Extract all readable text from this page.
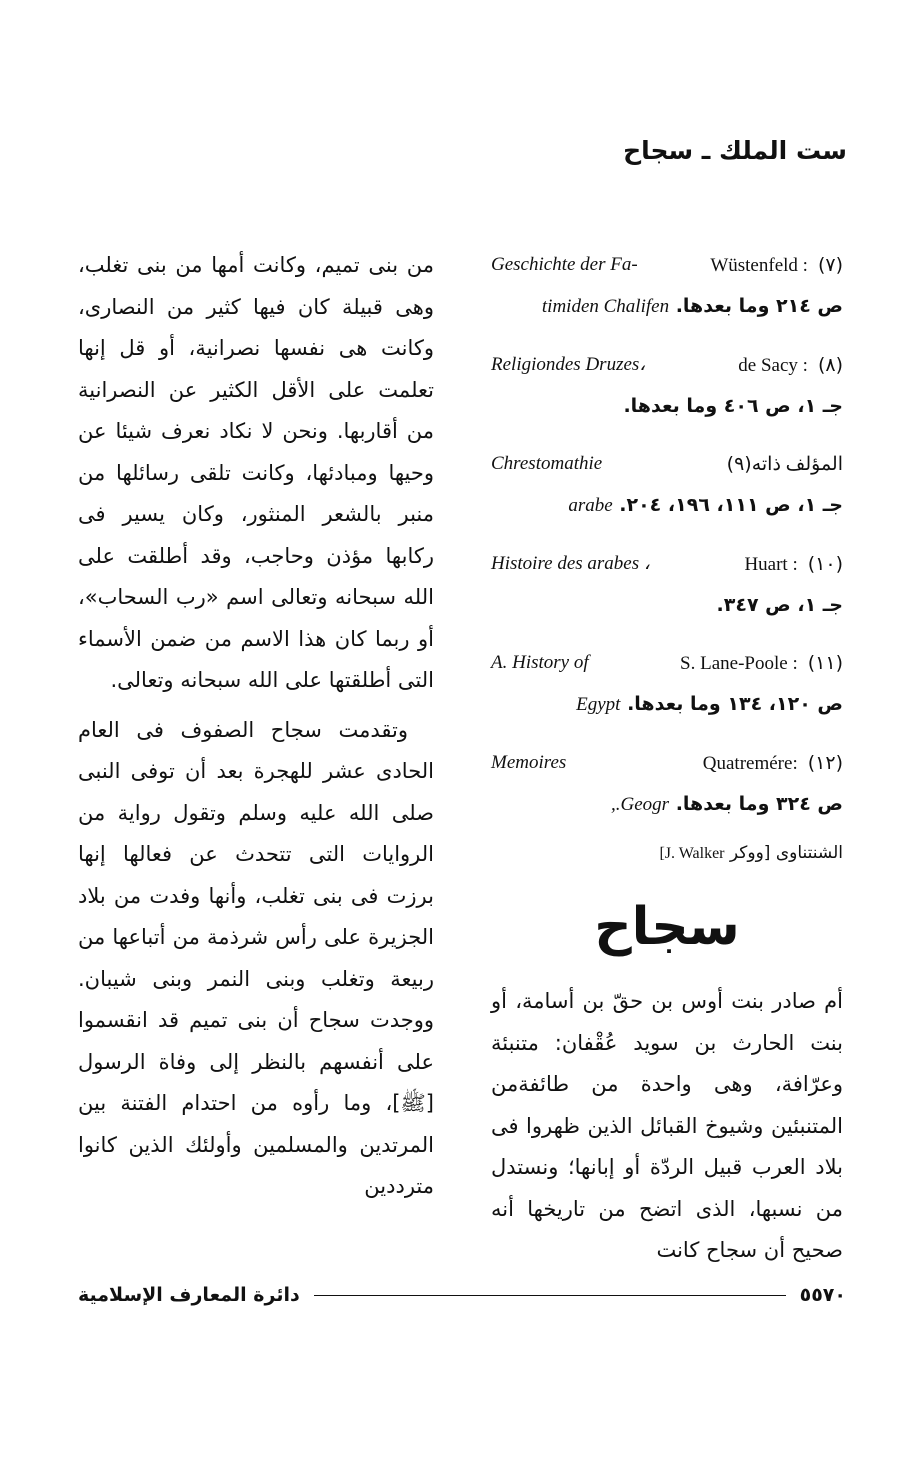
ست الملك ـ سجاح
Geschichte der Fa-	Wüstenfeld : (٧)
ص ٢١٤ وما بعدها. timiden Chalifen
Religiondes Druzes،	de Sacy : (٨)
جـ ١، ص ٤٠٦ وما بعدها.
Chrestomathie	المؤلف ذاته(٩)
جـ ١، ص ١١١، ١٩٦، ٢٠٤. arabe
Histoire des arabes ،	Huart : (١٠)
جـ ١، ص ٣٤٧.
A. History of	S. Lane-Poole : (١١)
ص ١٢٠، ١٣٤ وما بعدها. Egypt
Memoires	Quatremére: (١٢)
ص ٣٢٤ وما بعدها. Geogr.,
الشنتناوى [ووكر J. Walker]
سجاح

أم صادر بنت أوس بن حقّ بن أسامة، أو بنت الحارث بن سويد عُقْفان: متنبئة وعرّافة، وهى واحدة من طائفةمن المتنبئين وشيوخ القبائل الذين ظهروا فى بلاد العرب قبيل الردّة أو إبانها؛ ونستدل من نسبها، الذى اتضح من تاريخها أنه صحيح أن سجاح كانت

من بنى تميم، وكانت أمها من بنى تغلب، وهى قبيلة كان فيها كثير من النصارى، وكانت هى نفسها نصرانية، أو قل إنها تعلمت على الأقل الكثير عن النصرانية من أقاربها. ونحن لا نكاد نعرف شيئا عن وحيها ومبادئها، وكانت تلقى رسائلها من منبر بالشعر المنثور، وكان يسير فى ركابها مؤذن وحاجب، وقد أطلقت على الله سبحانه وتعالى اسم «رب السحاب»، أو ربما كان هذا الاسم من ضمن الأسماء التى أطلقتها على الله سبحانه وتعالى.

وتقدمت سجاح الصفوف فى العام الحادى عشر للهجرة بعد أن توفى النبى صلى الله عليه وسلم وتقول رواية من الروايات التى تتحدث عن فعالها إنها برزت فى بنى تغلب، وأنها وفدت من بلاد الجزيرة على رأس شرذمة من أتباعها من ربيعة وتغلب وبنى النمر وبنى شيبان. ووجدت سجاح أن بنى تميم قد انقسموا على أنفسهم بالنظر إلى وفاة الرسول [ﷺ]، وما رأوه من احتدام الفتنة بين المرتدين والمسلمين وأولئك الذين كانوا مترددين

دائرة المعارف الإسلامية	٥٥٧٠
